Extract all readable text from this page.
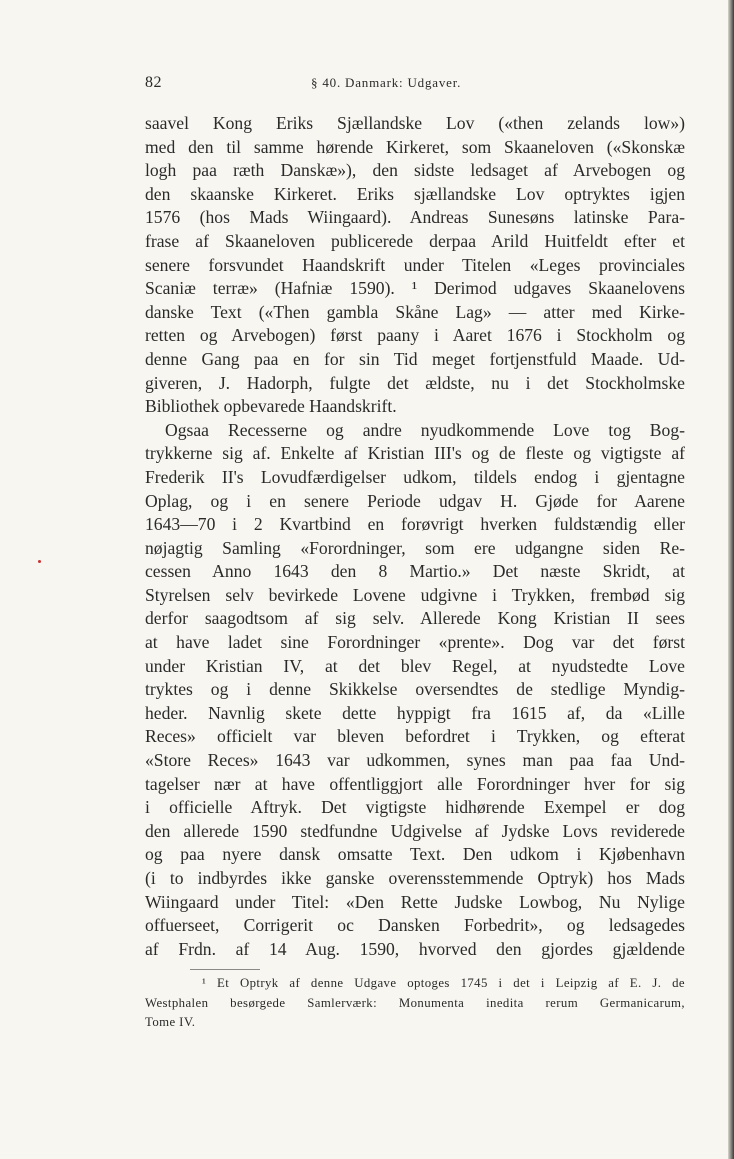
82	§ 40. Danmark: Udgaver.
saavel Kong Eriks Sjællandske Lov («then zelands low»)
med den til samme hørende Kirkeret, som Skaaneloven («Skonskæ
logh paa ræth Danskæ»), den sidste ledsaget af Arvebogen og
den skaanske Kirkeret. Eriks sjællandske Lov optryktes igjen
1576 (hos Mads Wiingaard). Andreas Sunesøns latinske Para-
frase af Skaaneloven publicerede derpaa Arild Huitfeldt efter et
senere forsvundet Haandskrift under Titelen «Leges provinciales
Scaniæ terræ» (Hafniæ 1590). ¹ Derimod udgaves Skaanelovens
danske Text («Then gambla Skåne Lag» — atter med Kirke-
retten og Arvebogen) først paany i Aaret 1676 i Stockholm og
denne Gang paa en for sin Tid meget fortjenstfuld Maade. Ud-
giveren, J. Hadorph, fulgte det ældste, nu i det Stockholmske
Bibliothek opbevarede Haandskrift.
Ogsaa Recesserne og andre nyudkommende Love tog Bog-
trykkerne sig af. Enkelte af Kristian III's og de fleste og vigtigste af
Frederik II's Lovudfærdigelser udkom, tildels endog i gjentagne
Oplag, og i en senere Periode udgav H. Gjøde for Aarene
1643—70 i 2 Kvartbind en forøvrigt hverken fuldstændig eller
nøjagtig Samling «Forordninger, som ere udgangne siden Re-
cessen Anno 1643 den 8 Martio.» Det næste Skridt, at
Styrelsen selv bevirkede Lovene udgivne i Trykken, frembød sig
derfor saagodtsom af sig selv. Allerede Kong Kristian II sees
at have ladet sine Forordninger «prente». Dog var det først
under Kristian IV, at det blev Regel, at nyudstedte Love
tryktes og i denne Skikkelse oversendtes de stedlige Myndig-
heder. Navnlig skete dette hyppigt fra 1615 af, da «Lille
Reces» officielt var bleven befordret i Trykken, og efterat
«Store Reces» 1643 var udkommen, synes man paa faa Und-
tagelser nær at have offentliggjort alle Forordninger hver for sig
i officielle Aftryk. Det vigtigste hidhørende Exempel er dog
den allerede 1590 stedfundne Udgivelse af Jydske Lovs reviderede
og paa nyere dansk omsatte Text. Den udkom i Kjøbenhavn
(i to indbyrdes ikke ganske overensstemmende Optryk) hos Mads
Wiingaard under Titel: «Den Rette Judske Lowbog, Nu Nylige
offuerseet, Corrigerit oc Dansken Forbedrit», og ledsagedes
af Frdn. af 14 Aug. 1590, hvorved den gjordes gjældende
¹ Et Optryk af denne Udgave optoges 1745 i det i Leipzig af E. J. de
Westphalen besørgede Samlerværk: Monumenta inedita rerum Germanicarum,
Tome IV.
